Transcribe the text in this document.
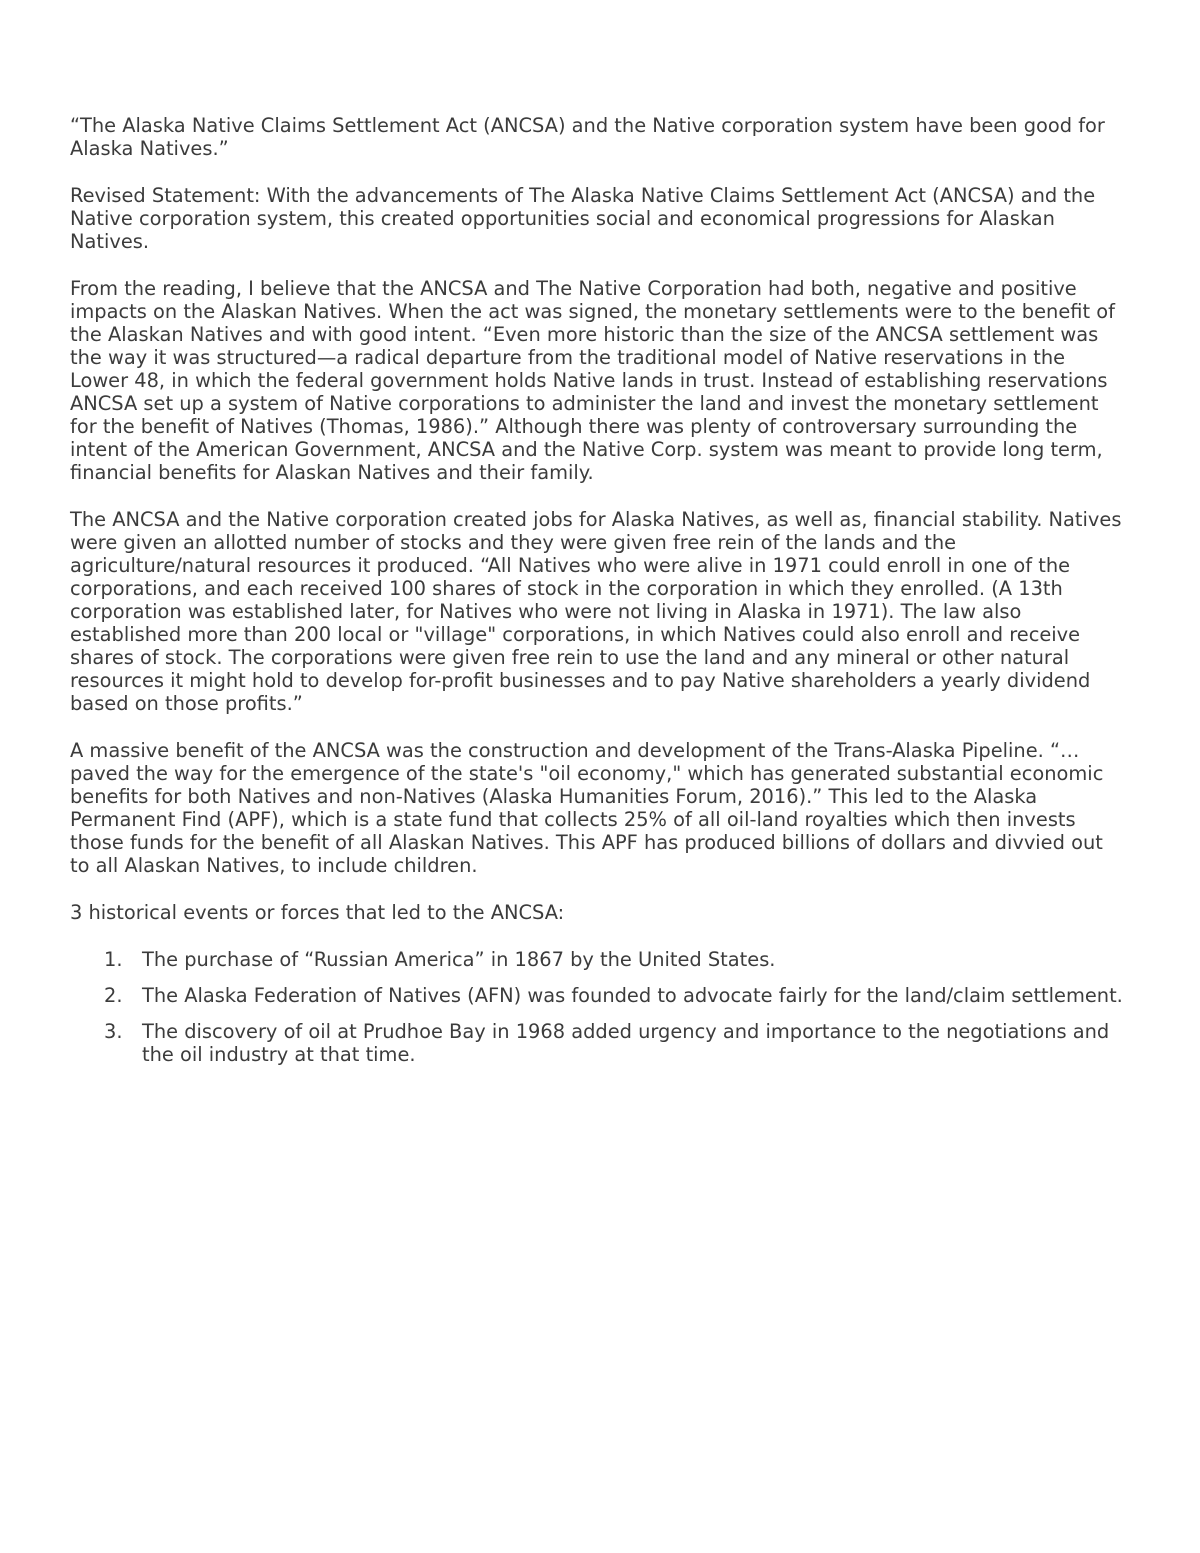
“The Alaska Native Claims Settlement Act (ANCSA) and the Native corporation system have been good for Alaska Natives.”

Revised Statement: With the advancements of The Alaska Native Claims Settlement Act (ANCSA) and the Native corporation system, this created opportunities social and economical progressions for Alaskan Natives.

From the reading, I believe that the ANCSA and The Native Corporation had both, negative and positive impacts on the Alaskan Natives. When the act was signed, the monetary settlements were to the benefit of the Alaskan Natives and with good intent. “Even more historic than the size of the ANCSA settlement was the way it was structured—a radical departure from the traditional model of Native reservations in the Lower 48, in which the federal government holds Native lands in trust. Instead of establishing reservations ANCSA set up a system of Native corporations to administer the land and invest the monetary settlement for the benefit of Natives (Thomas, 1986).” Although there was plenty of controversary surrounding the intent of the American Government, ANCSA and the Native Corp. system was meant to provide long term, financial benefits for Alaskan Natives and their family.

The ANCSA and the Native corporation created jobs for Alaska Natives, as well as, financial stability. Natives were given an allotted number of stocks and they were given free rein of the lands and the agriculture/natural resources it produced. “All Natives who were alive in 1971 could enroll in one of the corporations, and each received 100 shares of stock in the corporation in which they enrolled. (A 13th corporation was established later, for Natives who were not living in Alaska in 1971). The law also established more than 200 local or "village" corporations, in which Natives could also enroll and receive shares of stock. The corporations were given free rein to use the land and any mineral or other natural resources it might hold to develop for-profit businesses and to pay Native shareholders a yearly dividend based on those profits.”

A massive benefit of the ANCSA was the construction and development of the Trans-Alaska Pipeline. “…paved the way for the emergence of the state's "oil economy," which has generated substantial economic benefits for both Natives and non-Natives (Alaska Humanities Forum, 2016).” This led to the Alaska Permanent Find (APF), which is a state fund that collects 25% of all oil-land royalties which then invests those funds for the benefit of all Alaskan Natives. This APF has produced billions of dollars and divvied out to all Alaskan Natives, to include children.

3 historical events or forces that led to the ANCSA:

1. The purchase of “Russian America” in 1867 by the United States.
2. The Alaska Federation of Natives (AFN) was founded to advocate fairly for the land/claim settlement.
3. The discovery of oil at Prudhoe Bay in 1968 added urgency and importance to the negotiations and the oil industry at that time.
